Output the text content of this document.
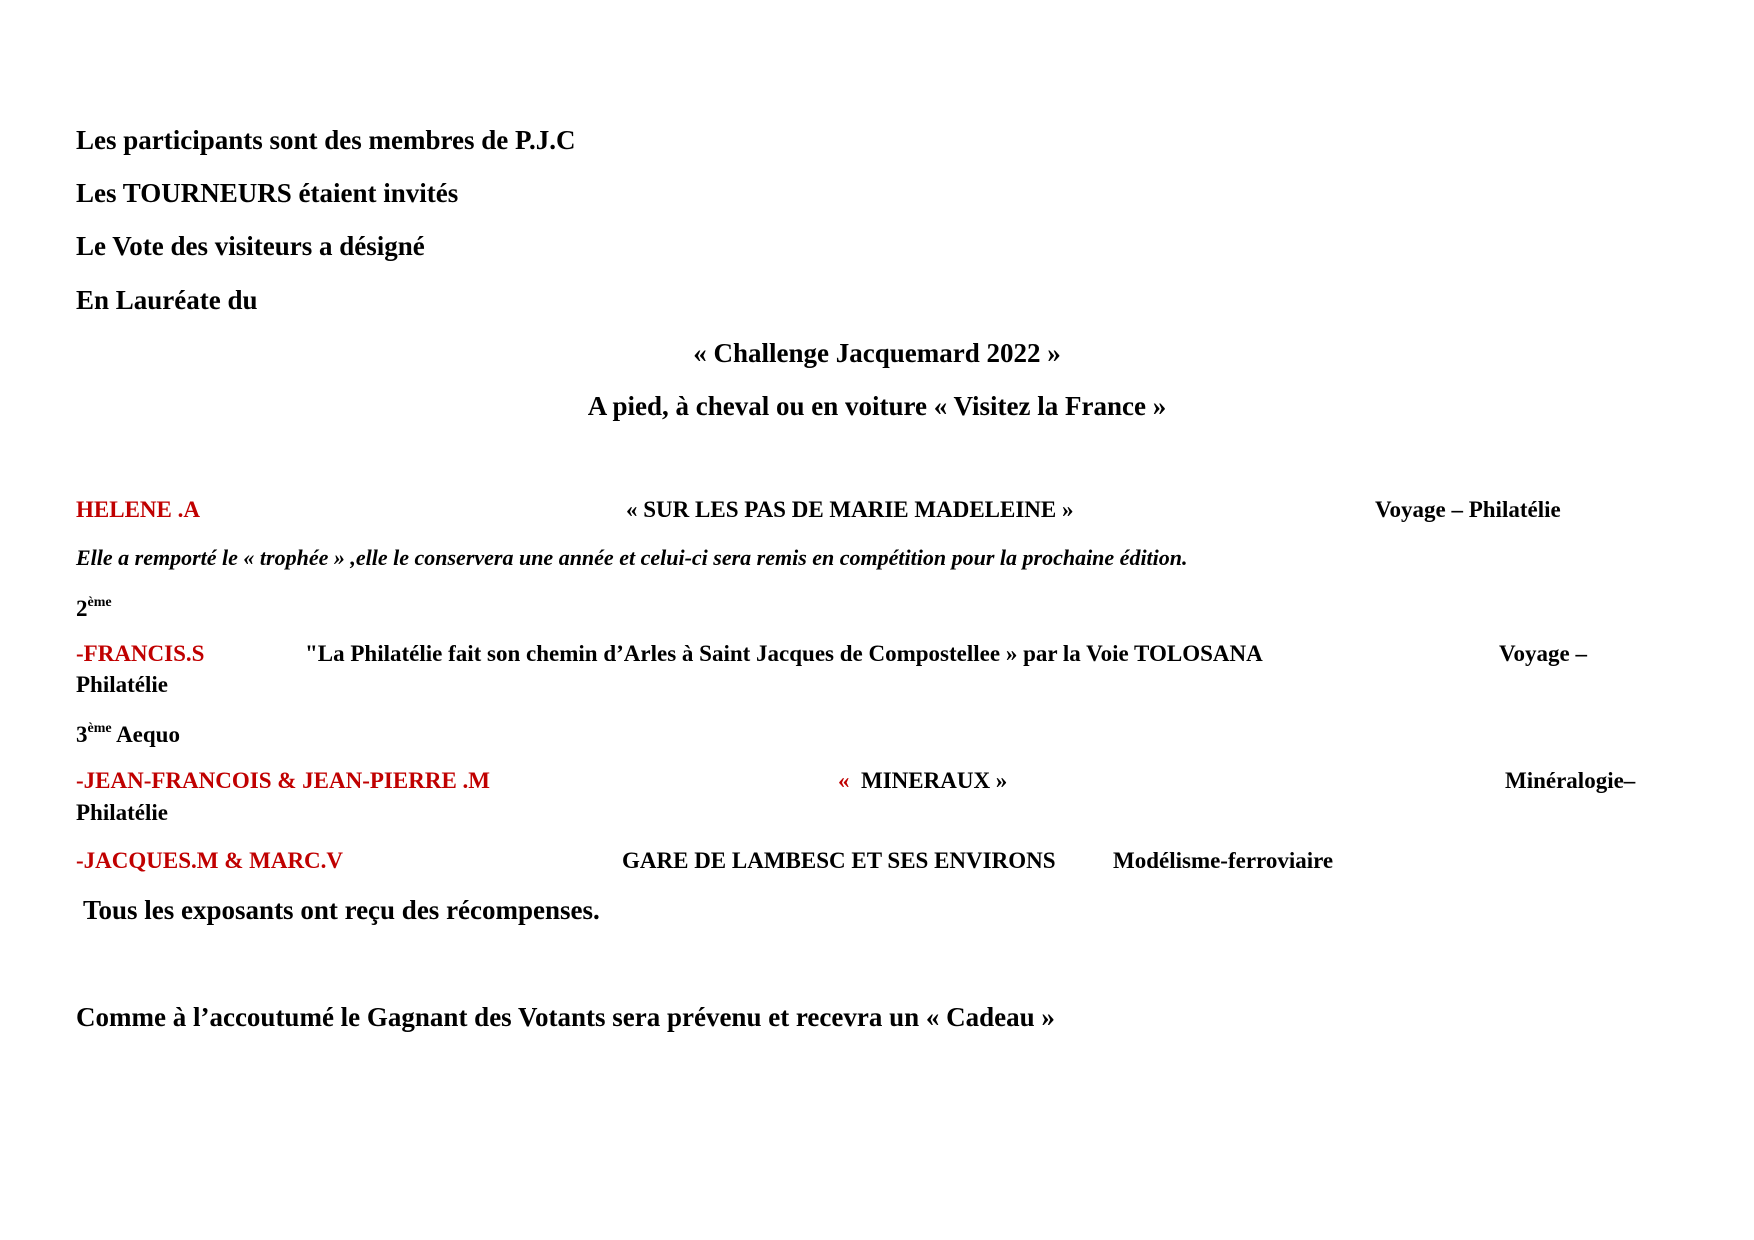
Les participants sont des membres de P.J.C
Les TOURNEURS étaient invités
Le Vote des visiteurs a désigné
En Lauréate du
« Challenge Jacquemard 2022 »
A pied, à cheval ou en voiture « Visitez la France »
HELENE .A	« SUR LES PAS DE MARIE MADELEINE »	Voyage – Philatélie
Elle a remporté le « trophée » ,elle le conservera une année et celui-ci sera remis en compétition pour la prochaine édition.
2ème
-FRANCIS.S	"La Philatélie fait son chemin d’Arles à Saint Jacques de Compostellee » par la Voie TOLOSANA	Voyage –
Philatélie
3ème Aequo
-JEAN-FRANCOIS & JEAN-PIERRE .M	«  MINERAUX »	Minéralogie–
Philatélie
-JACQUES.M & MARC.V	GARE DE LAMBESC ET SES ENVIRONS	Modélisme-ferroviaire
Tous les exposants ont reçu des récompenses.
Comme à l’accoutumé le Gagnant des Votants sera prévenu et recevra un « Cadeau »
